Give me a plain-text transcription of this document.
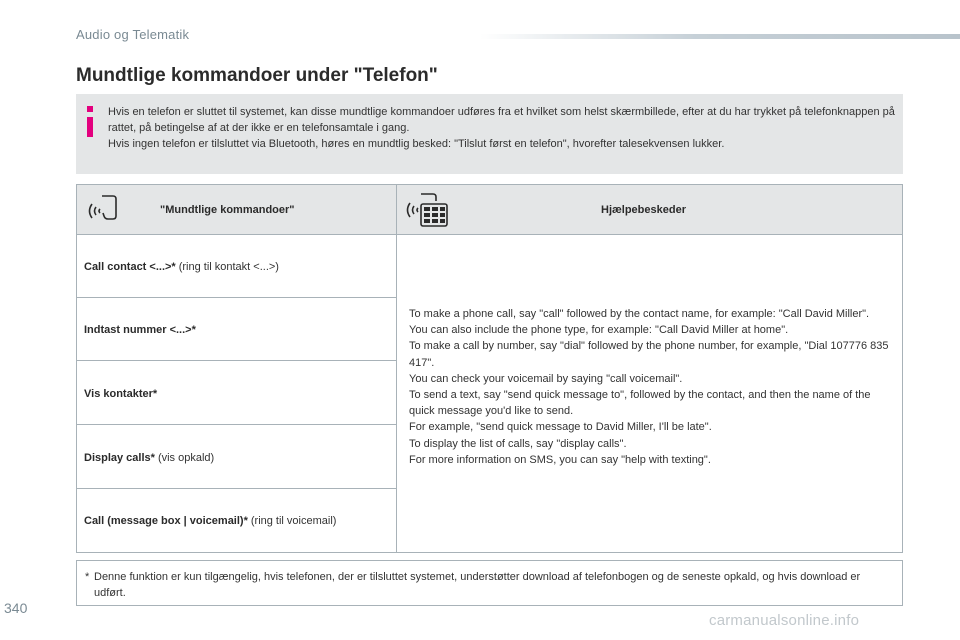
Audio og Telematik
Mundtlige kommandoer under "Telefon"

Hvis en telefon er sluttet til systemet, kan disse mundtlige kommandoer udføres fra et hvilket som helst skærmbillede, efter at du har trykket på telefonknappen på rattet, på betingelse af at der ikke er en telefonsamtale i gang.

Hvis ingen telefon er tilsluttet via Bluetooth, høres en mundtlig besked: "Tilslut først en telefon", hvorefter talesekvensen lukker.

"Mundtlige kommandoer"	Hjælpebeskeder
Call contact <...>* (ring til kontakt <...>)
Indtast nummer <...>*
Vis kontakter*
Display calls* (vis opkald)
Call (message box | voicemail)* (ring til voicemail)

To make a phone call, say "call" followed by the contact name, for example: "Call David Miller".

You can also include the phone type, for example: "Call David Miller at home".

To make a call by number, say "dial" followed by the phone number, for example, "Dial 107776 835 417".

You can check your voicemail by saying "call voicemail".

To send a text, say "send quick message to", followed by the contact, and then the name of the quick message you'd like to send.

For example, "send quick message to David Miller, I'll be late".

To display the list of calls, say "display calls".

For more information on SMS, you can say "help with texting".

* Denne funktion er kun tilgængelig, hvis telefonen, der er tilsluttet systemet, understøtter download af telefonbogen og de seneste opkald, og hvis download er udført.
340
carmanualsonline.info
